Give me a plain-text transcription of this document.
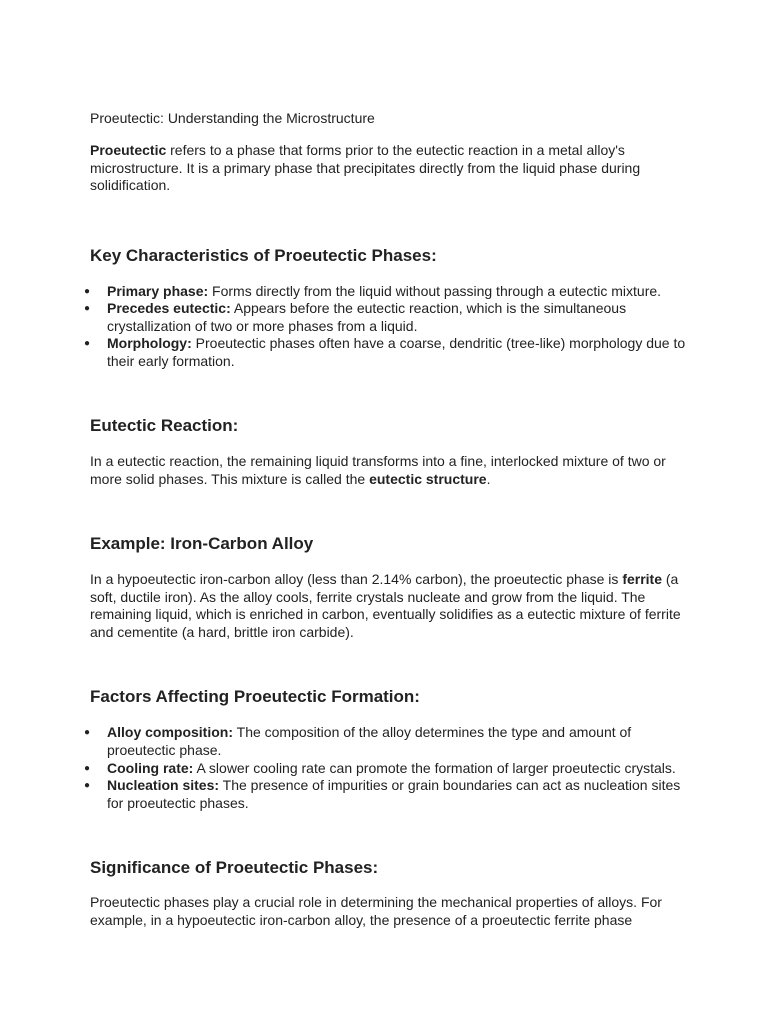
Proeutectic: Understanding the Microstructure

Proeutectic refers to a phase that forms prior to the eutectic reaction in a metal alloy's microstructure. It is a primary phase that precipitates directly from the liquid phase during solidification.

Key Characteristics of Proeutectic Phases:
● Primary phase: Forms directly from the liquid without passing through a eutectic mixture.
● Precedes eutectic: Appears before the eutectic reaction, which is the simultaneous crystallization of two or more phases from a liquid.
● Morphology: Proeutectic phases often have a coarse, dendritic (tree-like) morphology due to their early formation.
Eutectic Reaction:

In a eutectic reaction, the remaining liquid transforms into a fine, interlocked mixture of two or more solid phases. This mixture is called the eutectic structure.

Example: Iron-Carbon Alloy

In a hypoeutectic iron-carbon alloy (less than 2.14% carbon), the proeutectic phase is ferrite (a soft, ductile iron). As the alloy cools, ferrite crystals nucleate and grow from the liquid. The remaining liquid, which is enriched in carbon, eventually solidifies as a eutectic mixture of ferrite and cementite (a hard, brittle iron carbide).

Factors Affecting Proeutectic Formation:
● Alloy composition: The composition of the alloy determines the type and amount of proeutectic phase.
● Cooling rate: A slower cooling rate can promote the formation of larger proeutectic crystals.
● Nucleation sites: The presence of impurities or grain boundaries can act as nucleation sites for proeutectic phases.
Significance of Proeutectic Phases:

Proeutectic phases play a crucial role in determining the mechanical properties of alloys. For example, in a hypoeutectic iron-carbon alloy, the presence of a proeutectic ferrite phase
